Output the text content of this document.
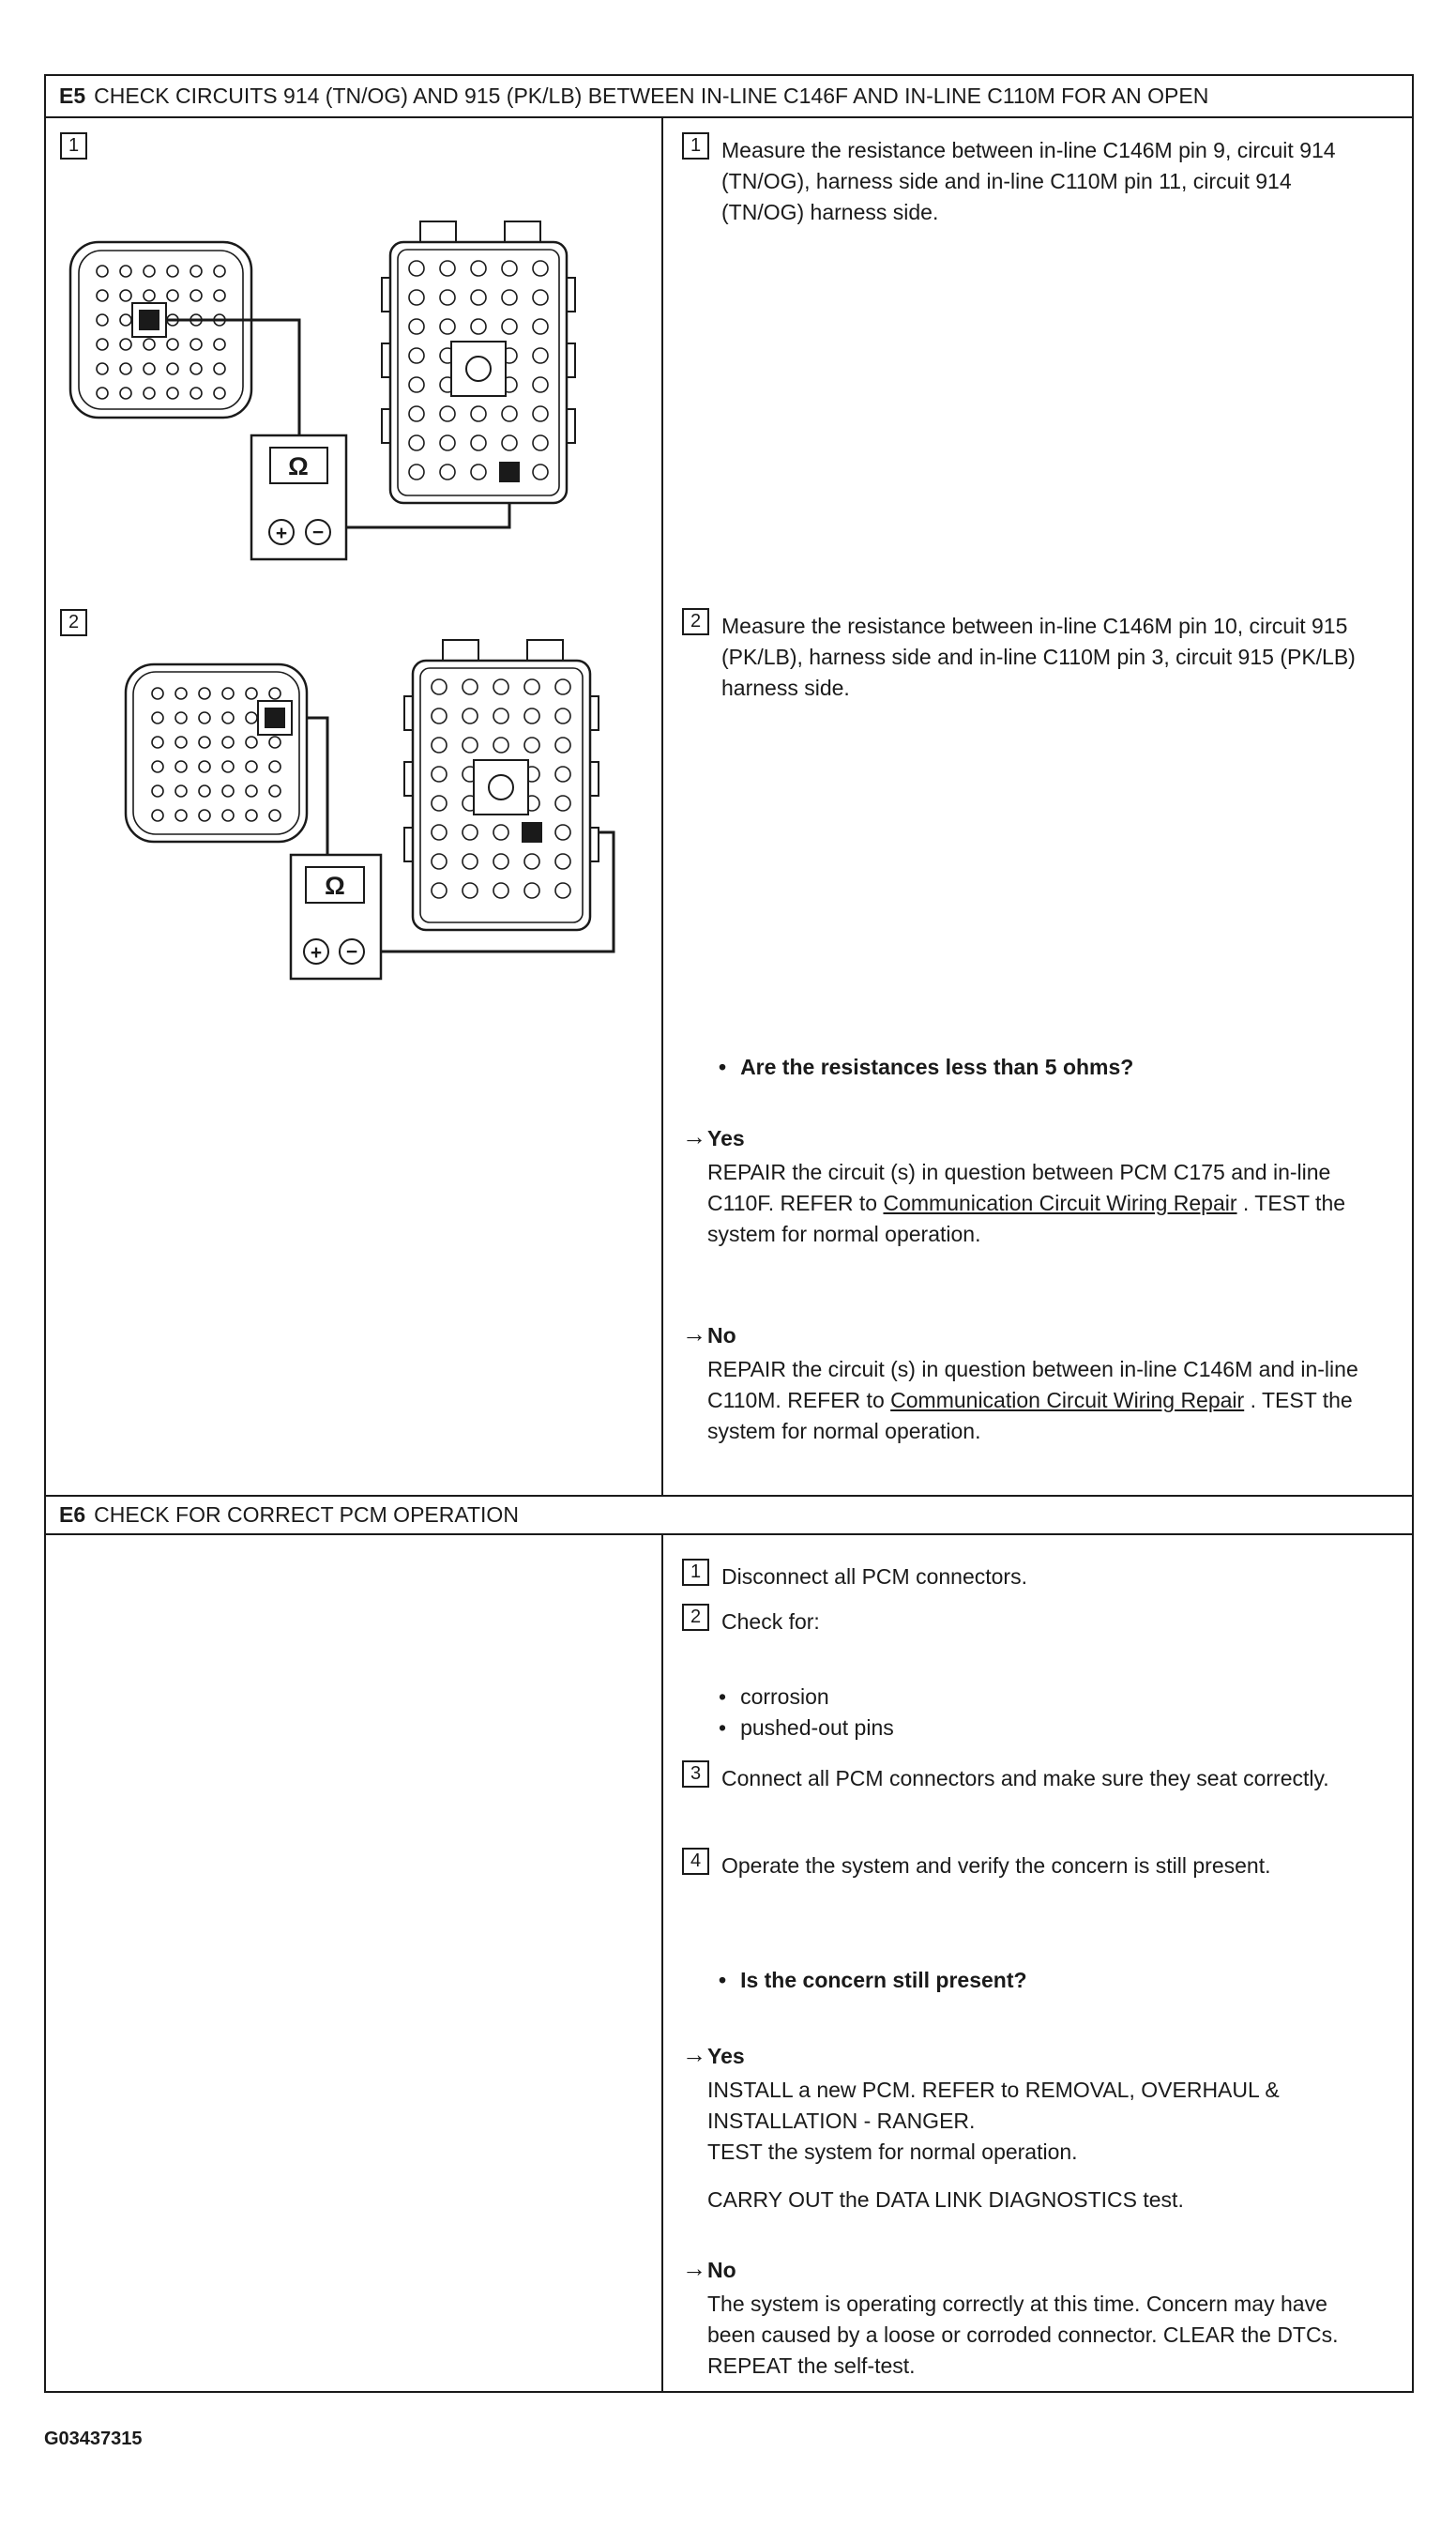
E5 CHECK CIRCUITS 914 (TN/OG) AND 915 (PK/LB) BETWEEN IN-LINE C146F AND IN-LINE C110M FOR AN OPEN
Ω
+ −
Ω
+ −
1
2
1 Measure the resistance between in-line C146M pin 9, circuit 914 (TN/OG), harness side and in-line C110M pin 11, circuit 914 (TN/OG) harness side.
2 Measure the resistance between in-line C146M pin 10, circuit 915 (PK/LB), harness side and in-line C110M pin 3, circuit 915 (PK/LB) harness side.
• Are the resistances less than 5 ohms?
→ Yes
REPAIR the circuit (s) in question between PCM C175 and in-line C110F. REFER to Communication Circuit Wiring Repair . TEST the system for normal operation.
→ No
REPAIR the circuit (s) in question between in-line C146M and in-line C110M. REFER to Communication Circuit Wiring Repair . TEST the system for normal operation.
E6 CHECK FOR CORRECT PCM OPERATION
1 Disconnect all PCM connectors.
2 Check for:
• corrosion
• pushed-out pins
3 Connect all PCM connectors and make sure they seat correctly.
4 Operate the system and verify the concern is still present.
• Is the concern still present?
→ Yes
INSTALL a new PCM. REFER to REMOVAL, OVERHAUL & INSTALLATION - RANGER.
TEST the system for normal operation.
CARRY OUT the DATA LINK DIAGNOSTICS test.
→ No
The system is operating correctly at this time. Concern may have been caused by a loose or corroded connector. CLEAR the DTCs. REPEAT the self-test.
G03437315
